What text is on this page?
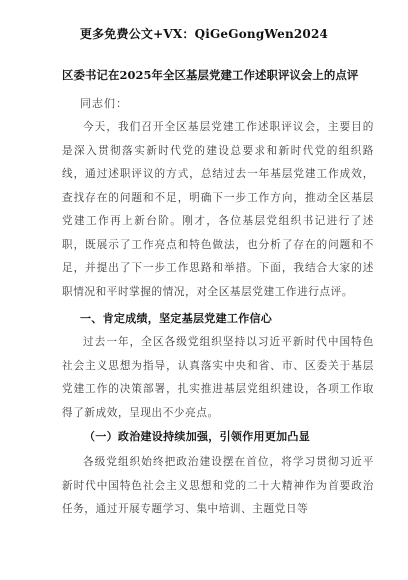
更多免费公文+VX：QiGeGongWen2024
区委书记在2025年全区基层党建工作述职评议会上的点评
同志们：

今天，我们召开全区基层党建工作述职评议会，主要目的是深入贯彻落实新时代党的建设总要求和新时代党的组织路线，通过述职评议的方式，总结过去一年基层党建工作成效，查找存在的问题和不足，明确下一步工作方向，推动全区基层党建工作再上新台阶。刚才，各位基层党组织书记进行了述职，既展示了工作亮点和特色做法，也分析了存在的问题和不足，并提出了下一步工作思路和举措。下面，我结合大家的述职情况和平时掌握的情况，对全区基层党建工作进行点评。

一、肯定成绩，坚定基层党建工作信心

过去一年，全区各级党组织坚持以习近平新时代中国特色社会主义思想为指导，认真落实中央和省、市、区委关于基层党建工作的决策部署，扎实推进基层党组织建设，各项工作取得了新成效，呈现出不少亮点。

（一）政治建设持续加强，引领作用更加凸显

各级党组织始终把政治建设摆在首位，将学习贯彻习近平新时代中国特色社会主义思想和党的二十大精神作为首要政治任务，通过开展专题学习、集中培训、主题党日等
